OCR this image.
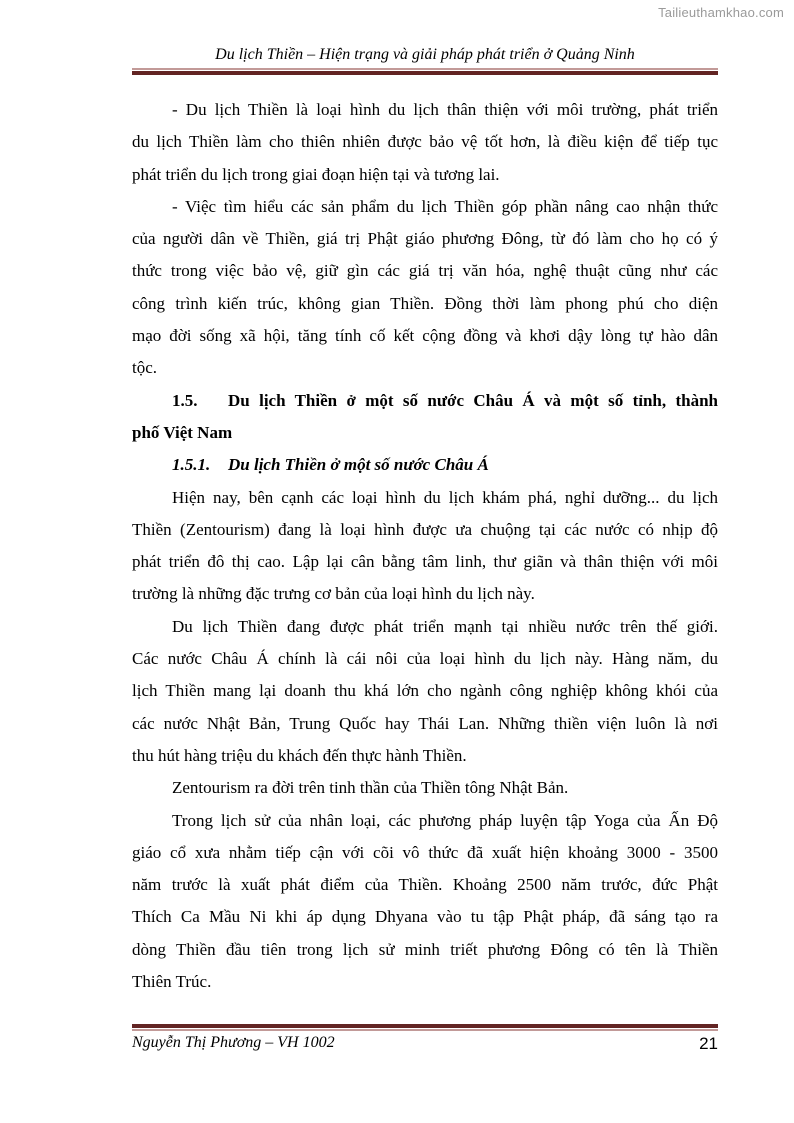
Tailieuthamkhao.com
Du lịch Thiền – Hiện trạng và giải pháp phát triển ở Quảng Ninh
- Du lịch Thiền là loại hình du lịch thân thiện với môi trường, phát triển
du lịch Thiền làm cho thiên nhiên được bảo vệ tốt hơn, là điều kiện để tiếp tục
phát triển du lịch trong giai đoạn hiện tại và tương lai.
- Việc tìm hiểu các sản phẩm du lịch Thiền góp phần nâng cao nhận thức
của người dân về Thiền, giá trị Phật giáo phương Đông, từ đó làm cho họ có ý
thức trong việc bảo vệ, giữ gìn các giá trị văn hóa, nghệ thuật cũng như các
công trình kiến trúc, không gian Thiền. Đồng thời làm phong phú cho diện
mạo đời sống xã hội, tăng tính cố kết cộng đồng và khơi dậy lòng tự hào dân
tộc.
1.5.	Du lịch Thiền ở một số nước Châu Á và một số tỉnh, thành
phố Việt Nam
1.5.1. Du lịch Thiền ở một số nước Châu Á
Hiện nay, bên cạnh các loại hình du lịch khám phá, nghỉ dưỡng... du lịch
Thiền (Zentourism) đang là loại hình được ưa chuộng tại các nước có nhịp độ
phát triển đô thị cao. Lập lại cân bằng tâm linh, thư giãn và thân thiện với môi
trường là những đặc trưng cơ bản của loại hình du lịch này.
Du lịch Thiền đang được phát triển mạnh tại nhiều nước trên thế giới.
Các nước Châu Á chính là cái nôi của loại hình du lịch này. Hàng năm, du
lịch Thiền mang lại doanh thu khá lớn cho ngành công nghiệp không khói của
các nước Nhật Bản, Trung Quốc hay Thái Lan. Những thiền viện luôn là nơi
thu hút hàng triệu du khách đến thực hành Thiền.
Zentourism ra đời trên tinh thần của Thiền tông Nhật Bản.
Trong lịch sử của nhân loại, các phương pháp luyện tập Yoga của Ấn Độ
giáo cổ xưa nhằm tiếp cận với cõi vô thức đã xuất hiện khoảng 3000 - 3500
năm trước là xuất phát điểm của Thiền. Khoảng 2500 năm trước, đức Phật
Thích Ca Mầu Ni khi áp dụng Dhyana vào tu tập Phật pháp, đã sáng tạo ra
dòng Thiền đầu tiên trong lịch sử minh triết phương Đông có tên là Thiền
Thiên Trúc.
Nguyễn Thị Phương – VH 1002	21
